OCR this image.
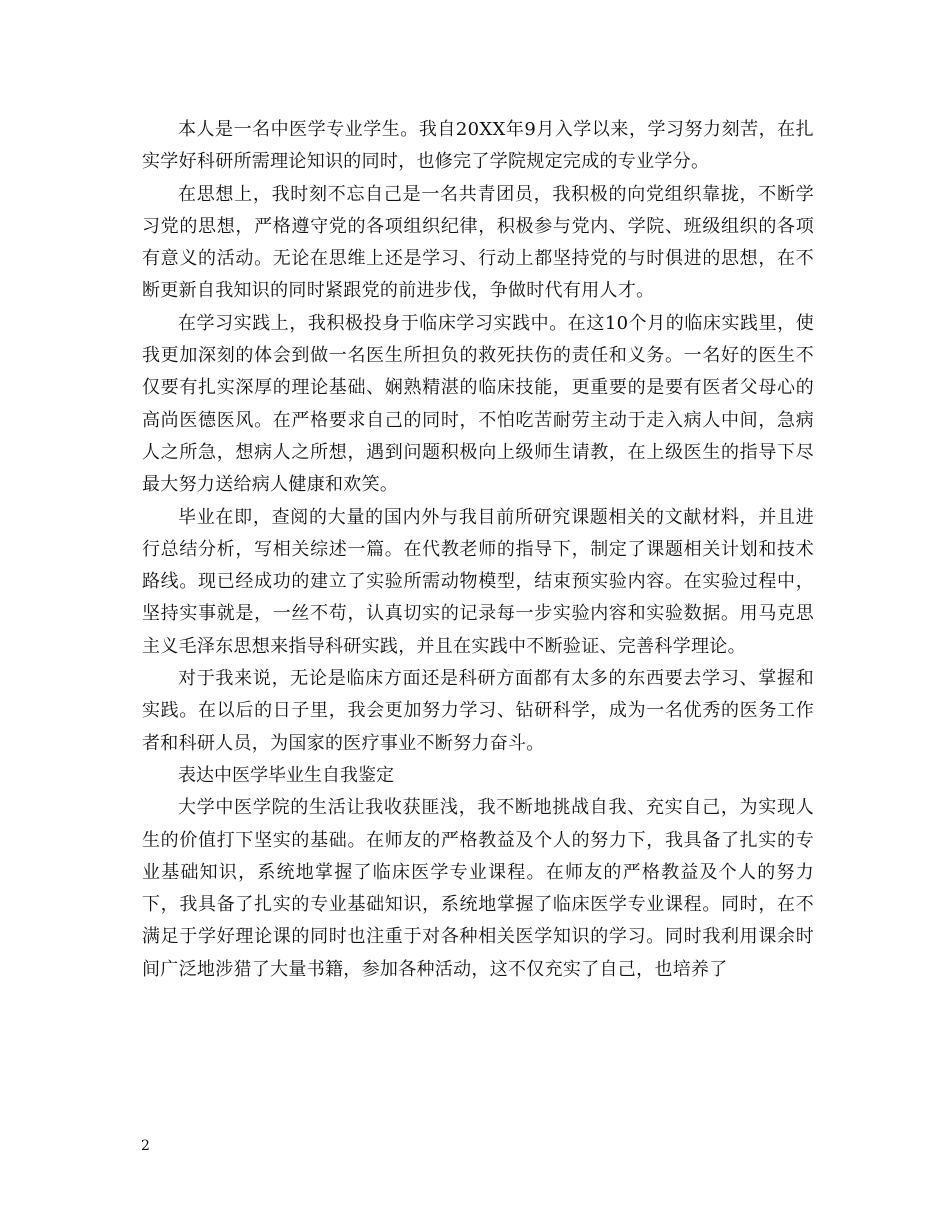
本人是一名中医学专业学生。我自20XX年9月入学以来，学习努力刻苦，在扎实学好科研所需理论知识的同时，也修完了学院规定完成的专业学分。

在思想上，我时刻不忘自己是一名共青团员，我积极的向党组织靠拢，不断学习党的思想，严格遵守党的各项组织纪律，积极参与党内、学院、班级组织的各项有意义的活动。无论在思维上还是学习、行动上都坚持党的与时俱进的思想，在不断更新自我知识的同时紧跟党的前进步伐，争做时代有用人才。

在学习实践上，我积极投身于临床学习实践中。在这10个月的临床实践里，使我更加深刻的体会到做一名医生所担负的救死扶伤的责任和义务。一名好的医生不仅要有扎实深厚的理论基础、娴熟精湛的临床技能，更重要的是要有医者父母心的高尚医德医风。在严格要求自己的同时，不怕吃苦耐劳主动于走入病人中间，急病人之所急，想病人之所想，遇到问题积极向上级师生请教，在上级医生的指导下尽最大努力送给病人健康和欢笑。

毕业在即，查阅的大量的国内外与我目前所研究课题相关的文献材料，并且进行总结分析，写相关综述一篇。在代教老师的指导下，制定了课题相关计划和技术路线。现已经成功的建立了实验所需动物模型，结束预实验内容。在实验过程中，坚持实事就是，一丝不苟，认真切实的记录每一步实验内容和实验数据。用马克思主义毛泽东思想来指导科研实践，并且在实践中不断验证、完善科学理论。

对于我来说，无论是临床方面还是科研方面都有太多的东西要去学习、掌握和实践。在以后的日子里，我会更加努力学习、钻研科学，成为一名优秀的医务工作者和科研人员，为国家的医疗事业不断努力奋斗。

表达中医学毕业生自我鉴定

大学中医学院的生活让我收获匪浅，我不断地挑战自我、充实自己，为实现人生的价值打下坚实的基础。在师友的严格教益及个人的努力下，我具备了扎实的专业基础知识，系统地掌握了临床医学专业课程。在师友的严格教益及个人的努力下，我具备了扎实的专业基础知识，系统地掌握了临床医学专业课程。同时，在不满足于学好理论课的同时也注重于对各种相关医学知识的学习。同时我利用课余时间广泛地涉猎了大量书籍，参加各种活动，这不仅充实了自己，也培养了

2
